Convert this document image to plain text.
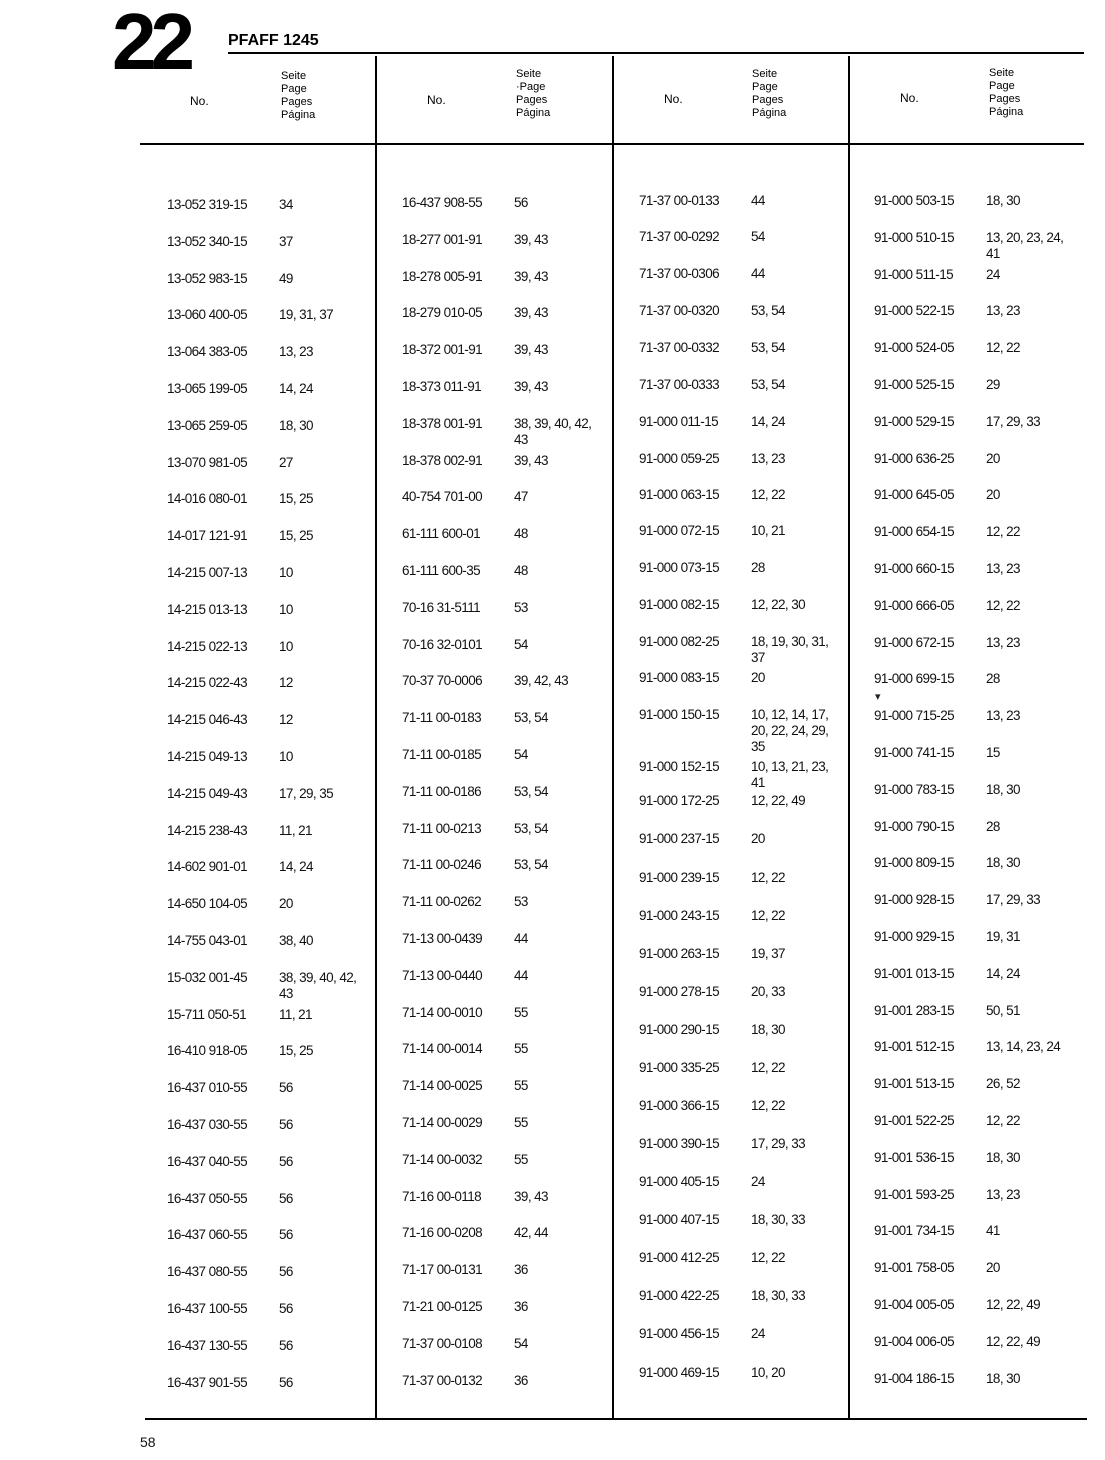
22 PFAFF 1245
No.
Seite
Page
Pages
Página
No.
Seite
·Page
Pages
Página
No.
Seite
Page
Pages
Página
No.
Seite
Page
Pages
Página
13-052 319-15 34
13-052 340-15 37
13-052 983-15 49
13-060 400-05 19, 31, 37
13-064 383-05 13, 23
13-065 199-05 14, 24
13-065 259-05 18, 30
13-070 981-05 27
14-016 080-01 15, 25
14-017 121-91 15, 25
14-215 007-13 10
14-215 013-13 10
14-215 022-13 10
14-215 022-43 12
14-215 046-43 12
14-215 049-13 10
14-215 049-43 17, 29, 35
14-215 238-43 11, 21
14-602 901-01 14, 24
14-650 104-05 20
14-755 043-01 38, 40
15-032 001-45 38, 39, 40, 42, 43
15-711 050-51 11, 21
16-410 918-05 15, 25
16-437 010-55 56
16-437 030-55 56
16-437 040-55 56
16-437 050-55 56
16-437 060-55 56
16-437 080-55 56
16-437 100-55 56
16-437 130-55 56
16-437 901-55 56
16-437 908-55 56
18-277 001-91 39, 43
18-278 005-91 39, 43
18-279 010-05 39, 43
18-372 001-91 39, 43
18-373 011-91 39, 43
18-378 001-91 38, 39, 40, 42, 43
18-378 002-91 39, 43
40-754 701-00 47
61-111 600-01	48
61-111 600-35	48
70-16 31-5111	53
70-16 32-0101 54
70-37 70-0006 39, 42, 43
71-11 00-0183 53, 54
71-11 00-0185 54
71-11 00-0186 53, 54
71-11 00-0213 53, 54
71-11 00-0246 53, 54
71-11 00-0262 53
71-13 00-0439 44
71-13 00-0440 44
71-14 00-0010 55
71-14 00-0014 55
71-14 00-0025 55
71-14 00-0029 55
71-14 00-0032 55
71-16 00-0118 39, 43
71-16 00-0208 42, 44
71-17 00-0131 36
71-21 00-0125 36
71-37 00-0108 54
71-37 00-0132 36
71-37 00-0133 44
71-37 00-0292 54
71-37 00-0306 44
71-37 00-0320 53, 54
71-37 00-0332 53, 54
71-37 00-0333 53, 54
91-000 011-15 14, 24
91-000 059-25 13, 23
91-000 063-15 12, 22
91-000 072-15 10, 21
91-000 073-15 28
91-000 082-15 12, 22, 30
91-000 082-25 18, 19, 30, 31, 37
91-000 083-15 20
91-000 150-15 10, 12, 14, 17, 20, 22, 24, 29, 35
91-000 152-15 10, 13, 21, 23, 41
91-000 172-25 12, 22, 49
91-000 237-15 20
91-000 239-15 12, 22
91-000 243-15 12, 22
91-000 263-15 19, 37
91-000 278-15 20, 33
91-000 290-15 18, 30
91-000 335-25 12, 22
91-000 366-15 12, 22
91-000 390-15 17, 29, 33
91-000 405-15 24
91-000 407-15 18, 30, 33
91-000 412-25 12, 22
91-000 422-25 18, 30, 33
91-000 456-15 24
91-000 469-15 10, 20
91-000 503-15 18, 30
91-000 510-15 13, 20, 23, 24, 41
91-000 511-15 24
91-000 522-15 13, 23
91-000 524-05 12, 22
91-000 525-15 29
91-000 529-15 17, 29, 33
91-000 636-25 20
91-000 645-05 20
91-000 654-15 12, 22
91-000 660-15 13, 23
91-000 666-05 12, 22
91-000 672-15 13, 23
91-000 699-15 28
91-000 715-25 13, 23
91-000 741-15 15
91-000 783-15 18, 30
91-000 790-15 28
91-000 809-15 18, 30
91-000 928-15 17, 29, 33
91-000 929-15 19, 31
91-001 013-15 14, 24
91-001 283-15 50, 51
91-001 512-15 13, 14, 23, 24
91-001 513-15 26, 52
91-001 522-25 12, 22
91-001 536-15 18, 30
91-001 593-25 13, 23
91-001 734-15 41
91-001 758-05 20
91-004 005-05 12, 22, 49
91-004 006-05 12, 22, 49
91-004 186-15 18, 30
▾
58
